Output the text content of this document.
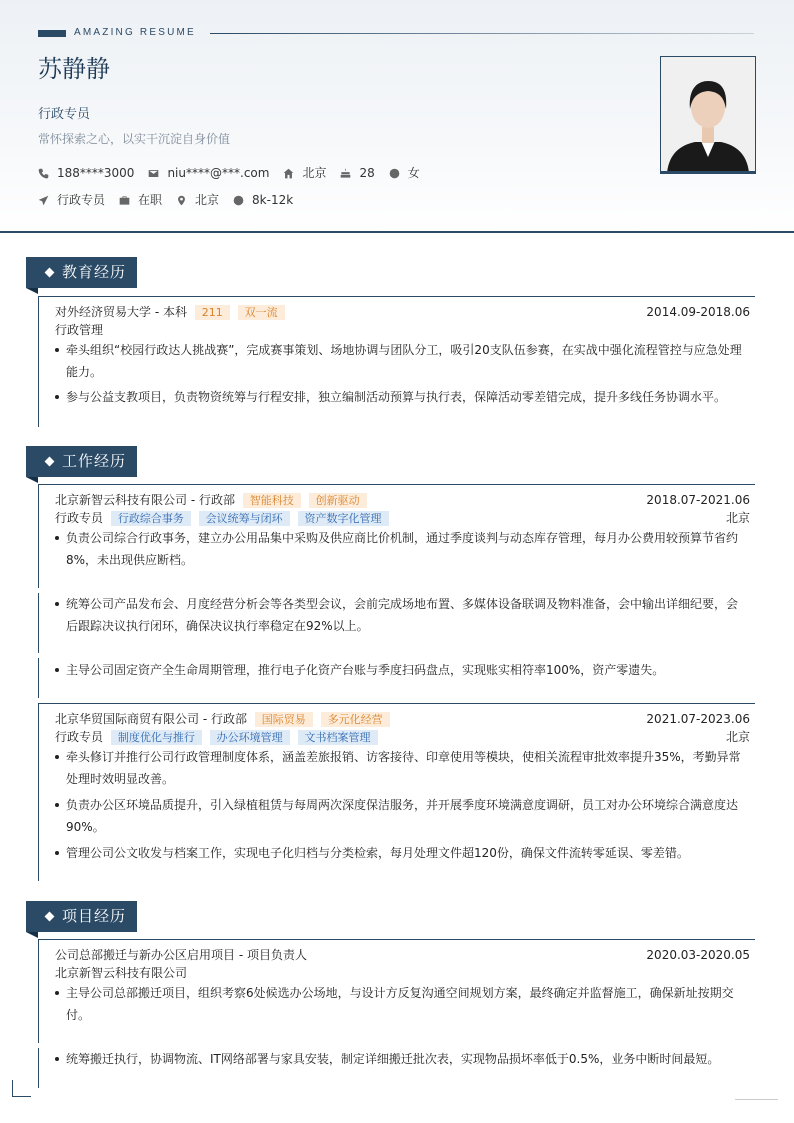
AMAZING RESUME
苏静静
行政专员
常怀探索之心，以实干沉淀自身价值
188****3000	niu****@***.com	北京	28	女
行政专员	在职	北京	8k-12k
教育经历
对外经济贸易大学 - 本科 211 双一流	2014.09-2018.06
行政管理
牵头组织“校园行政达人挑战赛”，完成赛事策划、场地协调与团队分工，吸引20支队伍参赛，在实战中强化流程管控与应急处理能力。
参与公益支教项目，负责物资统筹与行程安排，独立编制活动预算与执行表，保障活动零差错完成，提升多线任务协调水平。
工作经历
北京新智云科技有限公司 - 行政部 智能科技 创新驱动	2018.07-2021.06
行政专员 行政综合事务 会议统筹与闭环 资产数字化管理	北京
负责公司综合行政事务，建立办公用品集中采购及供应商比价机制，通过季度谈判与动态库存管理，每月办公费用较预算节省约8%，未出现供应断档。
统筹公司产品发布会、月度经营分析会等各类型会议，会前完成场地布置、多媒体设备联调及物料准备，会中输出详细纪要，会后跟踪决议执行闭环，确保决议执行率稳定在92%以上。
主导公司固定资产全生命周期管理，推行电子化资产台账与季度扫码盘点，实现账实相符率100%，资产零遗失。
北京华贸国际商贸有限公司 - 行政部 国际贸易 多元化经营	2021.07-2023.06
行政专员 制度优化与推行 办公环境管理 文书档案管理	北京
牵头修订并推行公司行政管理制度体系，涵盖差旅报销、访客接待、印章使用等模块，使相关流程审批效率提升35%，考勤异常处理时效明显改善。
负责办公区环境品质提升，引入绿植租赁与每周两次深度保洁服务，并开展季度环境满意度调研，员工对办公环境综合满意度达90%。
管理公司公文收发与档案工作，实现电子化归档与分类检索，每月处理文件超120份，确保文件流转零延误、零差错。
项目经历
公司总部搬迁与新办公区启用项目 - 项目负责人	2020.03-2020.05
北京新智云科技有限公司
主导公司总部搬迁项目，组织考察6处候选办公场地，与设计方反复沟通空间规划方案，最终确定并监督施工，确保新址按期交付。
统筹搬迁执行，协调物流、IT网络部署与家具安装，制定详细搬迁批次表，实现物品损坏率低于0.5%，业务中断时间最短。
